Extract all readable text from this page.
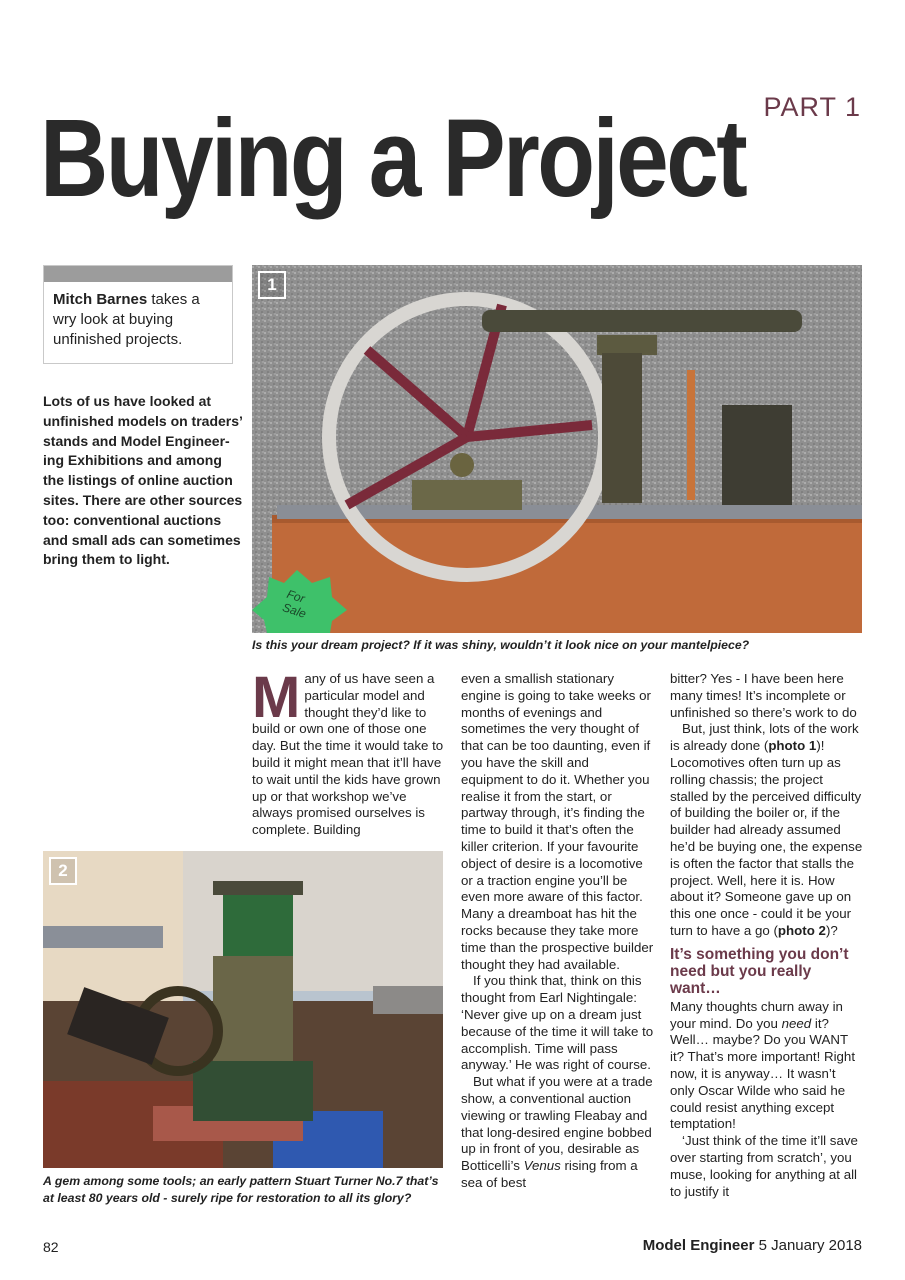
PART 1
Buying a Project

Mitch Barnes takes a wry look at buying unfinished projects.

Lots of us have looked at unfinished models on traders’ stands and Model Engineer-ing Exhibitions and among the listings of online auction sites. There are other sources too: conventional auctions and small ads can sometimes bring them to light.
1
For Sale
Is this your dream project? If it was shiny, wouldn’t it look nice on your mantelpiece?
2
A gem among some tools; an early pattern Stuart Turner No.7 that’s at least 80 years old - surely ripe for restoration to all its glory?

Many of us have seen a particular model and thought they’d like to build or own one of those one day. But the time it would take to build it might mean that it’ll have to wait until the kids have grown up or that workshop we’ve always promised ourselves is complete. Building

even a smallish stationary engine is going to take weeks or months of evenings and sometimes the very thought of that can be too daunting, even if you have the skill and equipment to do it. Whether you realise it from the start, or partway through, it’s finding the time to build it that’s often the killer criterion. If your favourite object of desire is a locomotive or a traction engine you’ll be even more aware of this factor. Many a dreamboat has hit the rocks because they take more time than the prospective builder thought they had available.

If you think that, think on this thought from Earl Nightingale: ‘Never give up on a dream just because of the time it will take to accomplish. Time will pass anyway.’ He was right of course.

But what if you were at a trade show, a conventional auction viewing or trawling Fleabay and that long-desired engine bobbed up in front of you, desirable as Botticelli’s Venus rising from a sea of best

bitter? Yes - I have been here many times! It’s incomplete or unfinished so there’s work to do

But, just think, lots of the work is already done (photo 1)! Locomotives often turn up as rolling chassis; the project stalled by the perceived difficulty of building the boiler or, if the builder had already assumed he’d be buying one, the expense is often the factor that stalls the project. Well, here it is. How about it? Someone gave up on this one once - could it be your turn to have a go (photo 2)?

It’s something you don’t need but you really want…

Many thoughts churn away in your mind. Do you need it? Well… maybe? Do you WANT it? That’s more important! Right now, it is anyway… It wasn’t only Oscar Wilde who said he could resist anything except temptation!

‘Just think of the time it’ll save over starting from scratch’, you muse, looking for anything at all to justify it

82	Model Engineer 5 January 2018
